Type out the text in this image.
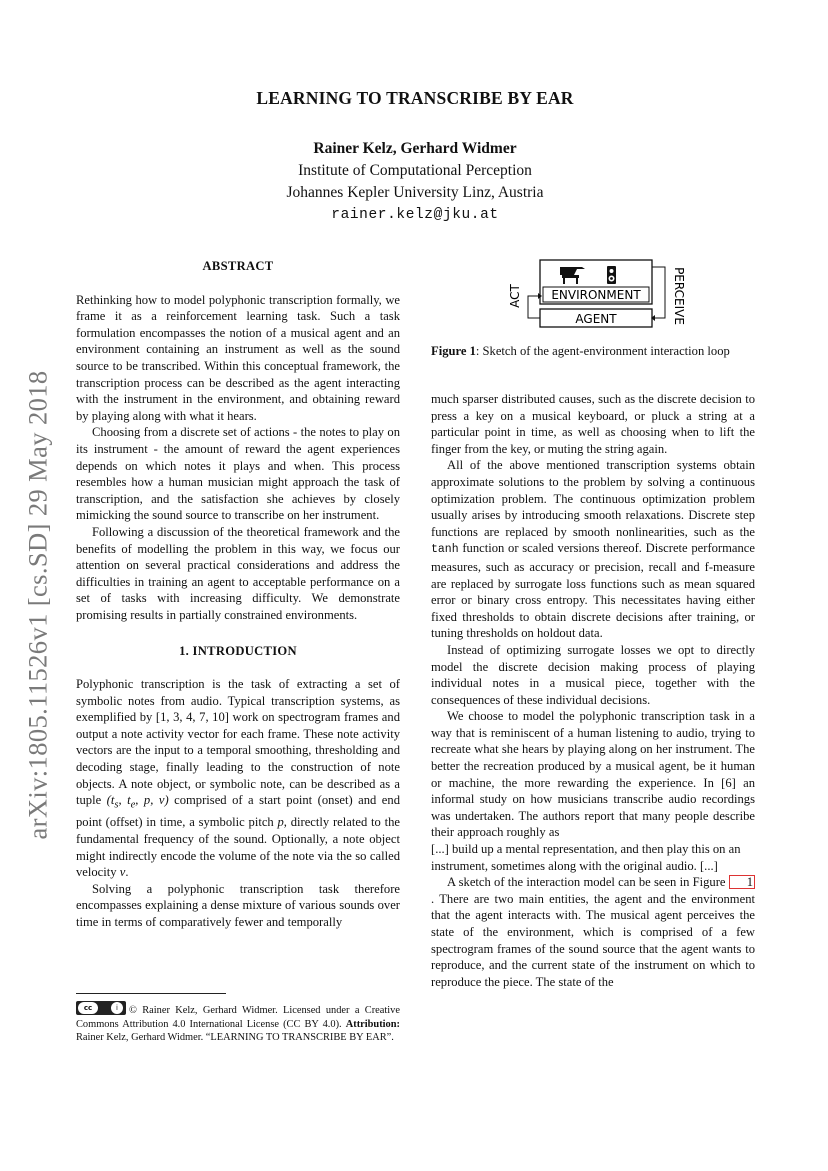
arXiv:1805.11526v1 [cs.SD] 29 May 2018
LEARNING TO TRANSCRIBE BY EAR
Rainer Kelz, Gerhard Widmer
Institute of Computational Perception
Johannes Kepler University Linz, Austria
rainer.kelz@jku.at
ABSTRACT

Rethinking how to model polyphonic transcription formally, we frame it as a reinforcement learning task. Such a task formulation encompasses the notion of a musical agent and an environment containing an instrument as well as the sound source to be transcribed. Within this conceptual framework, the transcription process can be described as the agent interacting with the instrument in the environment, and obtaining reward by playing along with what it hears.

Choosing from a discrete set of actions - the notes to play on its instrument - the amount of reward the agent experiences depends on which notes it plays and when. This process resembles how a human musician might approach the task of transcription, and the satisfaction she achieves by closely mimicking the sound source to transcribe on her instrument.

Following a discussion of the theoretical framework and the benefits of modelling the problem in this way, we focus our attention on several practical considerations and address the difficulties in training an agent to acceptable performance on a set of tasks with increasing difficulty. We demonstrate promising results in partially constrained environments.

1. INTRODUCTION

Polyphonic transcription is the task of extracting a set of symbolic notes from audio. Typical transcription systems, as exemplified by [1, 3, 4, 7, 10] work on spectrogram frames and output a note activity vector for each frame. These note activity vectors are the input to a temporal smoothing, thresholding and decoding stage, finally leading to the construction of note objects. A note object, or symbolic note, can be described as a tuple ($t_s$, $t_e$, p, v) comprised of a start point (onset) and end point (offset) in time, a symbolic pitch p, directly related to the fundamental frequency of the sound. Optionally, a note object might indirectly encode the volume of the note via the so called velocity v.

Solving a polyphonic transcription task therefore encompasses explaining a dense mixture of various sounds over time in terms of comparatively fewer and temporally

cc	i	© Rainer Kelz, Gerhard Widmer. Licensed under a Creative Commons Attribution 4.0 International License (CC BY 4.0). Attribution: Rainer Kelz, Gerhard Widmer. “LEARNING TO TRANSCRIBE BY EAR”.
ENVIRONMENT
AGENT
ACT	PERCEIVE
Figure 1: Sketch of the agent-environment interaction loop

much sparser distributed causes, such as the discrete decision to press a key on a musical keyboard, or pluck a string at a particular point in time, as well as choosing when to lift the finger from the key, or muting the string again.

All of the above mentioned transcription systems obtain approximate solutions to the problem by solving a continuous optimization problem. The continuous optimization problem usually arises by introducing smooth relaxations. Discrete step functions are replaced by smooth nonlinearities, such as the tanh function or scaled versions thereof. Discrete performance measures, such as accuracy or precision, recall and f-measure are replaced by surrogate loss functions such as mean squared error or binary cross entropy. This necessitates having either fixed thresholds to obtain discrete decisions after training, or tuning thresholds on holdout data.

Instead of optimizing surrogate losses we opt to directly model the discrete decision making process of playing individual notes in a musical piece, together with the consequences of these individual decisions.

We choose to model the polyphonic transcription task in a way that is reminiscent of a human listening to audio, trying to recreate what she hears by playing along on her instrument. The better the recreation produced by a musical agent, be it human or machine, the more rewarding the experience. In [6] an informal study on how musicians transcribe audio recordings was undertaken. The authors report that many people describe their approach roughly as

[...] build up a mental representation, and then play this on an instrument, sometimes along with the original audio. [...]

A sketch of the interaction model can be seen in Figure 1. There are two main entities, the agent and the environment that the agent interacts with. The musical agent perceives the state of the environment, which is comprised of a few spectrogram frames of the sound source that the agent wants to reproduce, and the current state of the instrument on which to reproduce the piece. The state of the
